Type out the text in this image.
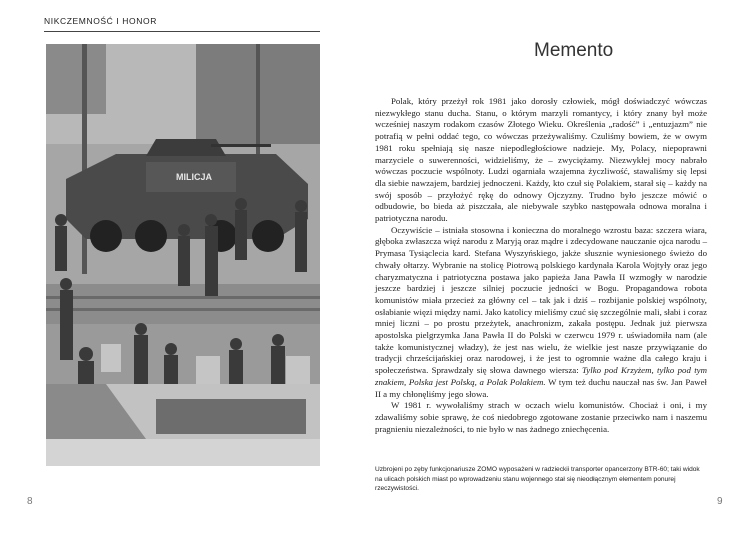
NIKCZEMNOŚĆ I HONOR
MILICJA
8
Memento

Polak, który przeżył rok 1981 jako dorosły człowiek, mógł doświadczyć wówczas niezwykłego stanu ducha. Stanu, o którym marzyli romantycy, i który znany był może wcześniej naszym rodakom czasów Złotego Wieku. Określenia „radość” i „entuzjazm” nie potrafią w pełni oddać tego, co wówczas przeżywaliśmy. Czuliśmy bowiem, że w owym 1981 roku spełniają się nasze niepodległościowe nadzieje. My, Polacy, niepoprawni marzyciele o suwerenności, widzieliśmy, że – zwyciężamy. Niezwykłej mocy nabrało wówczas poczucie wspólnoty. Ludzi ogarniała wzajemna życzliwość, stawaliśmy się lepsi dla siebie nawzajem, bardziej jednoczeni. Każdy, kto czuł się Polakiem, starał się – każdy na swój sposób – przyłożyć rękę do odnowy Ojczyzny. Trudno było jeszcze mówić o odbudowie, bo bieda aż piszczała, ale niebywale szybko następowała odnowa moralna i patriotyczna narodu.

Oczywiście – istniała stosowna i konieczna do moralnego wzrostu baza: szczera wiara, głęboka zwłaszcza więź narodu z Maryją oraz mądre i zdecydowane nauczanie ojca narodu – Prymasa Tysiąclecia kard. Stefana Wyszyńskiego, jakże słusznie wyniesionego świeżo do chwały ołtarzy. Wybranie na stolicę Piotrową polskiego kardynała Karola Wojtyły oraz jego charyzmatyczna i patriotyczna postawa jako papieża Jana Pawła II wzmogły w narodzie jeszcze bardziej i jeszcze silniej poczucie jedności w Bogu. Propagandowa robota komunistów miała przecież za główny cel – tak jak i dziś – rozbijanie polskiej wspólnoty, osłabianie więzi między nami. Jako katolicy mieliśmy czuć się szczególnie mali, słabi i coraz mniej liczni – po prostu przeżytek, anachronizm, zakała postępu. Jednak już pierwsza apostolska pielgrzymka Jana Pawła II do Polski w czerwcu 1979 r. uświadomiła nam (ale także komunistycznej władzy), że jest nas wielu, że wielkie jest nasze przywiązanie do tradycji chrześcijańskiej oraz narodowej, i że jest to ogromnie ważne dla całego kraju i społeczeństwa. Sprawdzały się słowa dawnego wiersza: Tylko pod Krzyżem, tylko pod tym znakiem, Polska jest Polską, a Polak Polakiem. W tym też duchu nauczał nas św. Jan Paweł II a my chłonęliśmy jego słowa.

W 1981 r. wywołaliśmy strach w oczach wielu komunistów. Chociaż i oni, i my zdawaliśmy sobie sprawę, że coś niedobrego zgotowane zostanie przeciwko nam i naszemu pragnieniu niezależności, to nie było w nas żadnego zniechęcenia.

Uzbrojeni po zęby funkcjonariusze ZOMO wyposażeni w radzieckii transporter opancerzony BTR-60; taki widok na ulicach polskich miast po wprowadzeniu stanu wojennego stał się nieodłącznym elementem ponurej rzeczywistości.

9
